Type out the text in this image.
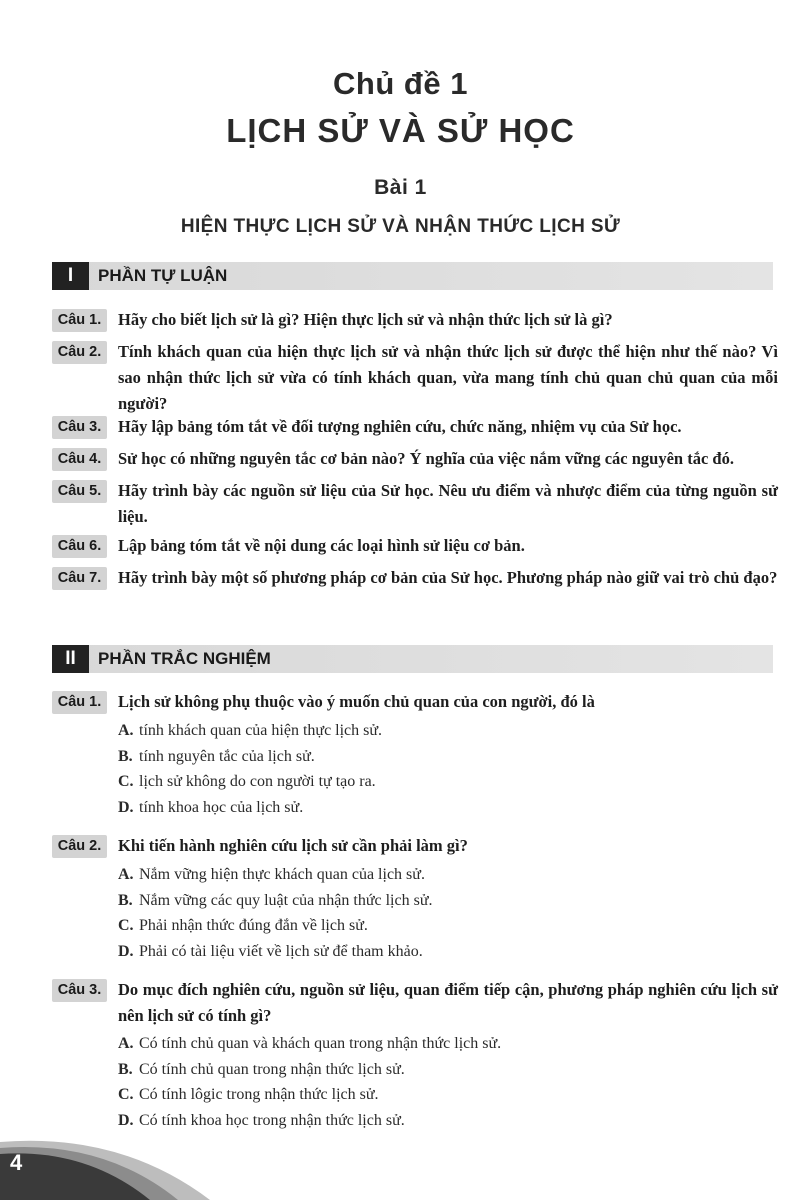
Chủ đề 1
LỊCH SỬ VÀ SỬ HỌC
Bài 1
HIỆN THỰC LỊCH SỬ VÀ NHẬN THỨC LỊCH SỬ
I	PHẦN TỰ LUẬN
Câu 1.	Hãy cho biết lịch sử là gì? Hiện thực lịch sử và nhận thức lịch sử là gì?
Câu 2.	Tính khách quan của hiện thực lịch sử và nhận thức lịch sử được thể hiện như thế nào? Vì sao nhận thức lịch sử vừa có tính khách quan, vừa mang tính chủ quan chủ quan của mỗi người?
Câu 3.	Hãy lập bảng tóm tắt về đối tượng nghiên cứu, chức năng, nhiệm vụ của Sử học.
Câu 4.	Sử học có những nguyên tắc cơ bản nào? Ý nghĩa của việc nắm vững các nguyên tắc đó.
Câu 5.	Hãy trình bày các nguồn sử liệu của Sử học. Nêu ưu điểm và nhược điểm của từng nguồn sử liệu.
Câu 6.	Lập bảng tóm tắt về nội dung các loại hình sử liệu cơ bản.
Câu 7.	Hãy trình bày một số phương pháp cơ bản của Sử học. Phương pháp nào giữ vai trò chủ đạo?
II	PHẦN TRẮC NGHIỆM
Câu 1.	Lịch sử không phụ thuộc vào ý muốn chủ quan của con người, đó là
A. tính khách quan của hiện thực lịch sử.
B. tính nguyên tắc của lịch sử.
C. lịch sử không do con người tự tạo ra.
D. tính khoa học của lịch sử.
Câu 2.	Khi tiến hành nghiên cứu lịch sử cần phải làm gì?
A. Nắm vững hiện thực khách quan của lịch sử.
B. Nắm vững các quy luật của nhận thức lịch sử.
C. Phải nhận thức đúng đắn về lịch sử.
D. Phải có tài liệu viết về lịch sử để tham khảo.
Câu 3.	Do mục đích nghiên cứu, nguồn sử liệu, quan điểm tiếp cận, phương pháp nghiên cứu lịch sử nên lịch sử có tính gì?
A. Có tính chủ quan và khách quan trong nhận thức lịch sử.
B. Có tính chủ quan trong nhận thức lịch sử.
C. Có tính lôgic trong nhận thức lịch sử.
D. Có tính khoa học trong nhận thức lịch sử.
4
